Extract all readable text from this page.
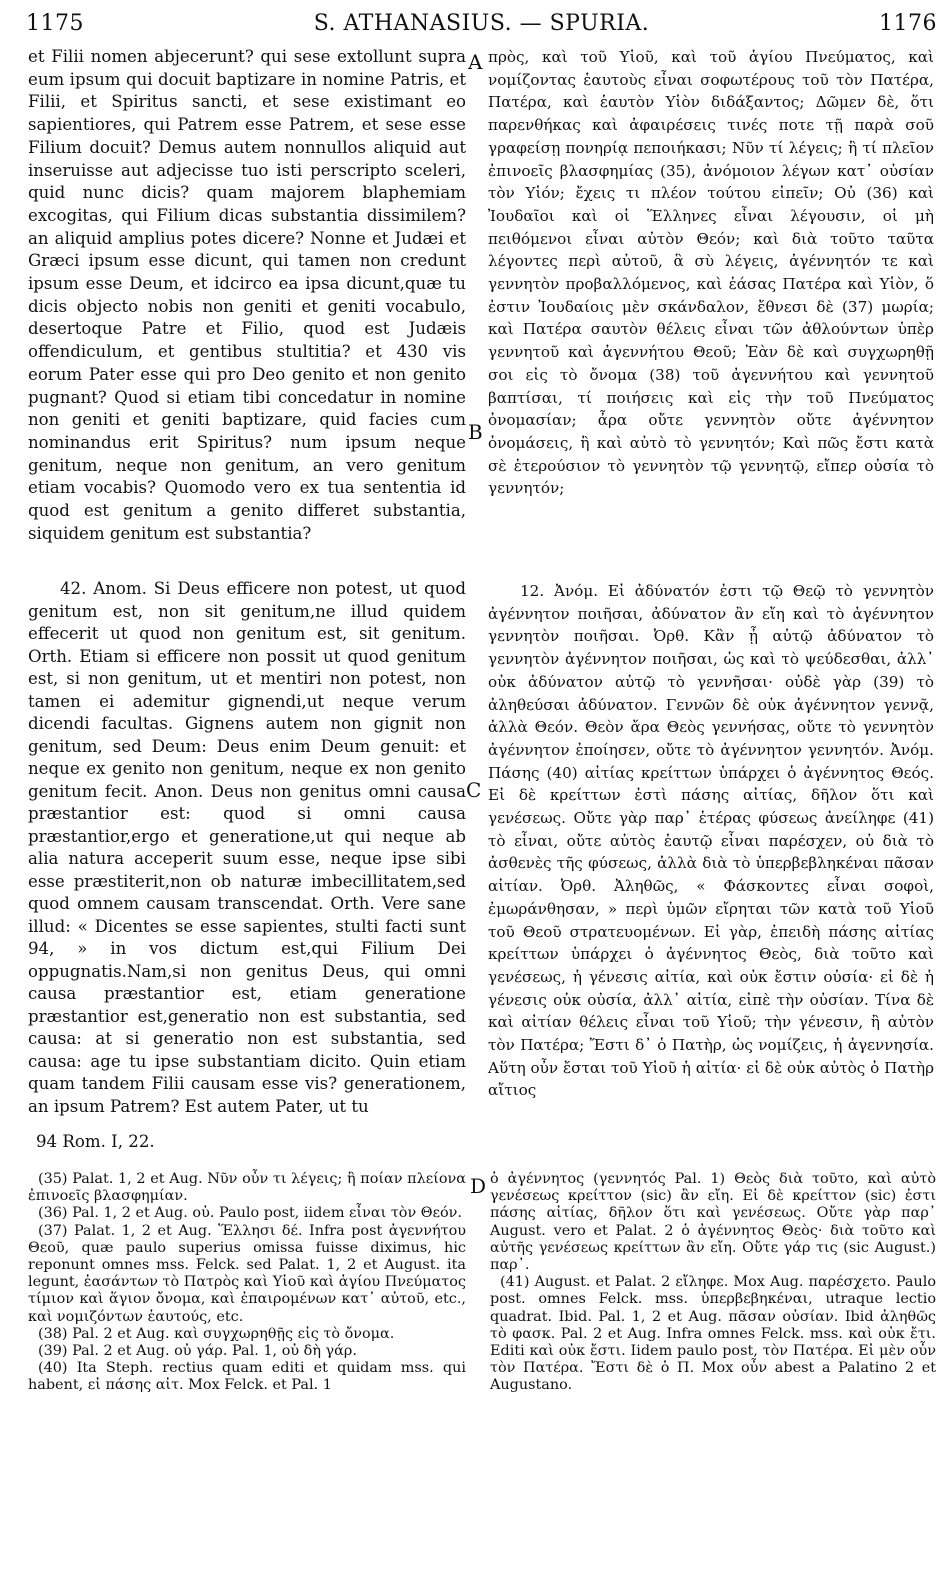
1175	S. ATHANASIUS. — SPURIA.	1176

et Filii nomen abjecerunt? qui sese extollunt supra eum ipsum qui docuit baptizare in nomine Patris, et Filii, et Spiritus sancti, et sese existimant eo sapientiores, qui Patrem esse Patrem, et sese esse Filium docuit? Demus autem nonnullos aliquid aut inseruisse aut adjecisse tuo isti perscripto sceleri, quid nunc dicis? quam majorem blaphemiam excogitas, qui Filium dicas substantia dissimilem?an aliquid amplius potes dicere? Nonne et Judæi et Græci ipsum esse dicunt, qui tamen non credunt ipsum esse Deum, et idcirco ea ipsa dicunt,quæ tu dicis objecto nobis non geniti et geniti vocabulo, desertoque Patre et Filio, quod est Judæis offendiculum, et gentibus stultitia? et 430 vis eorum Pater esse qui pro Deo genito et non genito pugnant? Quod si etiam tibi concedatur in nomine non geniti et geniti baptizare, quid facies cum nominandus erit Spiritus? num ipsum neque genitum, neque non genitum, an vero genitum etiam vocabis? Quomodo vero ex tua sententia id quod est genitum a genito differet substantia, siquidem genitum est substantia?

πρὸς, καὶ τοῦ Υἱοῦ, καὶ τοῦ ἁγίου Πνεύματος, καὶ νομίζοντας ἑαυτοὺς εἶναι σοφωτέρους τοῦ τὸν Πατέρα, Πατέρα, καὶ ἑαυτὸν Υἱὸν διδάξαντος; Δῶμεν δὲ, ὅτι παρενθήκας καὶ ἀφαιρέσεις τινές ποτε τῇ παρὰ σοῦ γραφείσῃ πονηρίᾳ πεποιήκασι; Νῦν τί λέγεις; ἢ τί πλεῖον ἐπινοεῖς βλασφημίας (35), ἀνόμοιον λέγων κατ᾽ οὐσίαν τὸν Υἱόν; ἔχεις τι πλέον τούτου εἰπεῖν; Οὐ (36) καὶ Ἰουδαῖοι καὶ οἱ Ἕλληνες εἶναι λέγουσιν, οἱ μὴ πειθόμενοι εἶναι αὐτὸν Θεόν; καὶ διὰ τοῦτο ταῦτα λέγοντες περὶ αὐτοῦ, ἃ σὺ λέγεις, ἀγέννητόν τε καὶ γεννητὸν προβαλλόμενος, καὶ ἐάσας Πατέρα καὶ Υἱὸν, ὅ ἐστιν Ἰουδαίοις μὲν σκάνδαλον, ἔθνεσι δὲ (37) μωρία; καὶ Πατέρα σαυτὸν θέλεις εἶναι τῶν ἀθλούντων ὑπὲρ γεννητοῦ καὶ ἀγεννήτου Θεοῦ; Ἐὰν δὲ καὶ συγχωρηθῇ σοι εἰς τὸ ὄνομα (38) τοῦ ἀγεννήτου καὶ γεννητοῦ βαπτίσαι, τί ποιήσεις καὶ εἰς τὴν τοῦ Πνεύματος ὀνομασίαν; ἆρα οὔτε γεννητὸν οὔτε ἀγέννητον ὀνομάσεις, ἢ καὶ αὐτὸ τὸ γεννητόν; Καὶ πῶς ἔστι κατὰ σὲ ἑτερούσιον τὸ γεννητὸν τῷ γεννητῷ, εἴπερ οὐσία τὸ γεννητόν;

A
B
C
D

42. Anom. Si Deus efficere non potest, ut quod genitum est, non sit genitum,ne illud quidem effecerit ut quod non genitum est, sit genitum. Orth. Etiam si efficere non possit ut quod genitum est, si non genitum, ut et mentiri non potest, non tamen ei ademitur gignendi,ut neque verum dicendi facultas. Gignens autem non gignit non genitum, sed Deum: Deus enim Deum genuit: et neque ex genito non genitum, neque ex non genito genitum fecit. Anon. Deus non genitus omni causa præstantior est: quod si omni causa præstantior,ergo et generatione,ut qui neque ab alia natura acceperit suum esse, neque ipse sibi esse præstiterit,non ob naturæ imbecillitatem,sed quod omnem causam transcendat. Orth. Vere sane illud: « Dicentes se esse sapientes, stulti facti sunt 94, » in vos dictum est,qui Filium Dei oppugnatis.Nam,si non genitus Deus, qui omni causa præstantior est, etiam generatione præstantior est,generatio non est substantia, sed causa: at si generatio non est substantia, sed causa: age tu ipse substantiam dicito. Quin etiam quam tandem Filii causam esse vis? generationem, an ipsum Patrem? Est autem Pater, ut tu

12. Ἀνόμ. Εἰ ἀδύνατόν ἐστι τῷ Θεῷ τὸ γεννητὸν ἀγέννητον ποιῆσαι, ἀδύνατον ἂν εἴη καὶ τὸ ἀγέννητον γεννητὸν ποιῆσαι. Ὀρθ. Κἂν ᾖ αὐτῷ ἀδύνατον τὸ γεννητὸν ἀγέννητον ποιῆσαι, ὡς καὶ τὸ ψεύδεσθαι, ἀλλ᾽ οὐκ ἀδύνατον αὐτῷ τὸ γεννῆσαι· οὐδὲ γὰρ (39) τὸ ἀληθεύσαι ἀδύνατον. Γεννῶν δὲ οὐκ ἀγέννητον γεννᾷ, ἀλλὰ Θεόν. Θεὸν ἄρα Θεὸς γεννήσας, οὔτε τὸ γεννητὸν ἀγέννητον ἐποίησεν, οὔτε τὸ ἀγέννητον γεννητόν. Ἀνόμ. Πάσης (40) αἰτίας κρείττων ὑπάρχει ὁ ἀγέννητος Θεός. Εἰ δὲ κρείττων ἐστὶ πάσης αἰτίας, δῆλον ὅτι καὶ γενέσεως. Οὔτε γὰρ παρ᾽ ἑτέρας φύσεως ἀνείληφε (41) τὸ εἶναι, οὔτε αὐτὸς ἑαυτῷ εἶναι παρέσχεν, οὐ διὰ τὸ ἀσθενὲς τῆς φύσεως, ἀλλὰ διὰ τὸ ὑπερβεβληκέναι πᾶσαν αἰτίαν. Ὀρθ. Ἀληθῶς, « Φάσκοντες εἶναι σοφοὶ, ἐμωράνθησαν, » περὶ ὑμῶν εἴρηται τῶν κατὰ τοῦ Υἱοῦ τοῦ Θεοῦ στρατευομένων. Εἰ γὰρ, ἐπειδὴ πάσης αἰτίας κρείττων ὑπάρχει ὁ ἀγέννητος Θεὸς, διὰ τοῦτο καὶ γενέσεως, ἡ γένεσις αἰτία, καὶ οὐκ ἔστιν οὐσία· εἰ δὲ ἡ γένεσις οὐκ οὐσία, ἀλλ᾽ αἰτία, εἰπὲ τὴν οὐσίαν. Τίνα δὲ καὶ αἰτίαν θέλεις εἶναι τοῦ Υἱοῦ; τὴν γένεσιν, ἢ αὐτὸν τὸν Πατέρα; Ἔστι δ᾽ ὁ Πατὴρ, ὡς νομίζεις, ἡ ἀγεννησία. Αὕτη οὖν ἔσται τοῦ Υἱοῦ ἡ αἰτία· εἰ δὲ οὐκ αὐτὸς ὁ Πατὴρ αἴτιος

94 Rom. I, 22.

(35) Palat. 1, 2 et Aug. Νῦν οὖν τι λέγεις; ἢ ποίαν πλείονα ἐπινοεῖς βλασφημίαν.

(36) Pal. 1, 2 et Aug. οὐ. Paulo post, iidem εἶναι τὸν Θεόν.

(37) Palat. 1, 2 et Aug. Ἕλλησι δέ. Infra post ἀγεννήτου Θεοῦ, quæ paulo superius omissa fuisse diximus, hic reponunt omnes mss. Felck. sed Palat. 1, 2 et August. ita legunt, ἐασάντων τὸ Πατρὸς καὶ Υἱοῦ καὶ ἁγίου Πνεύματος τίμιον καὶ ἅγιον ὄνομα, καὶ ἐπαιρομένων κατ᾽ αὐτοῦ, etc., καὶ νομιζόντων ἑαυτούς, etc.

(38) Pal. 2 et Aug. καὶ συγχωρηθῇς εἰς τὸ ὄνομα.

(39) Pal. 2 et Aug. οὐ γάρ. Pal. 1, οὐ δὴ γάρ.

(40) Ita Steph. rectius quam editi et quidam mss. qui habent, εἰ πάσης αἰτ. Mox Felck. et Pal. 1

ὁ ἀγέννητος (γεννητός Pal. 1) Θεὸς διὰ τοῦτο, καὶ αὐτὸ γενέσεως κρείττον (sic) ἂν εἴη. Εἰ δὲ κρείττον (sic) ἐστι πάσης αἰτίας, δῆλον ὅτι καὶ γενέσεως. Οὔτε γὰρ παρ᾽ August. vero et Palat. 2 ὁ ἀγέννητος Θεὸς· διὰ τοῦτο καὶ αὐτῆς γενέσεως κρείττων ἂν εἴη. Οὔτε γάρ τις (sic August.) παρ᾽.

(41) August. et Palat. 2 εἴληφε. Mox Aug. παρέσχετο. Paulo post. omnes Felck. mss. ὑπερβεβηκέναι, utraque lectio quadrat. Ibid. Pal. 1, 2 et Aug. πᾶσαν οὐσίαν. Ibid ἀληθῶς τὸ φασκ. Pal. 2 et Aug. Infra omnes Felck. mss. καὶ οὐκ ἔτι. Editi καὶ οὐκ ἔστι. Iidem paulo post, τὸν Πατέρα. Εἰ μὲν οὖν τὸν Πατέρα. Ἔστι δὲ ὁ Π. Mox οὖν abest a Palatino 2 et Augustano.
